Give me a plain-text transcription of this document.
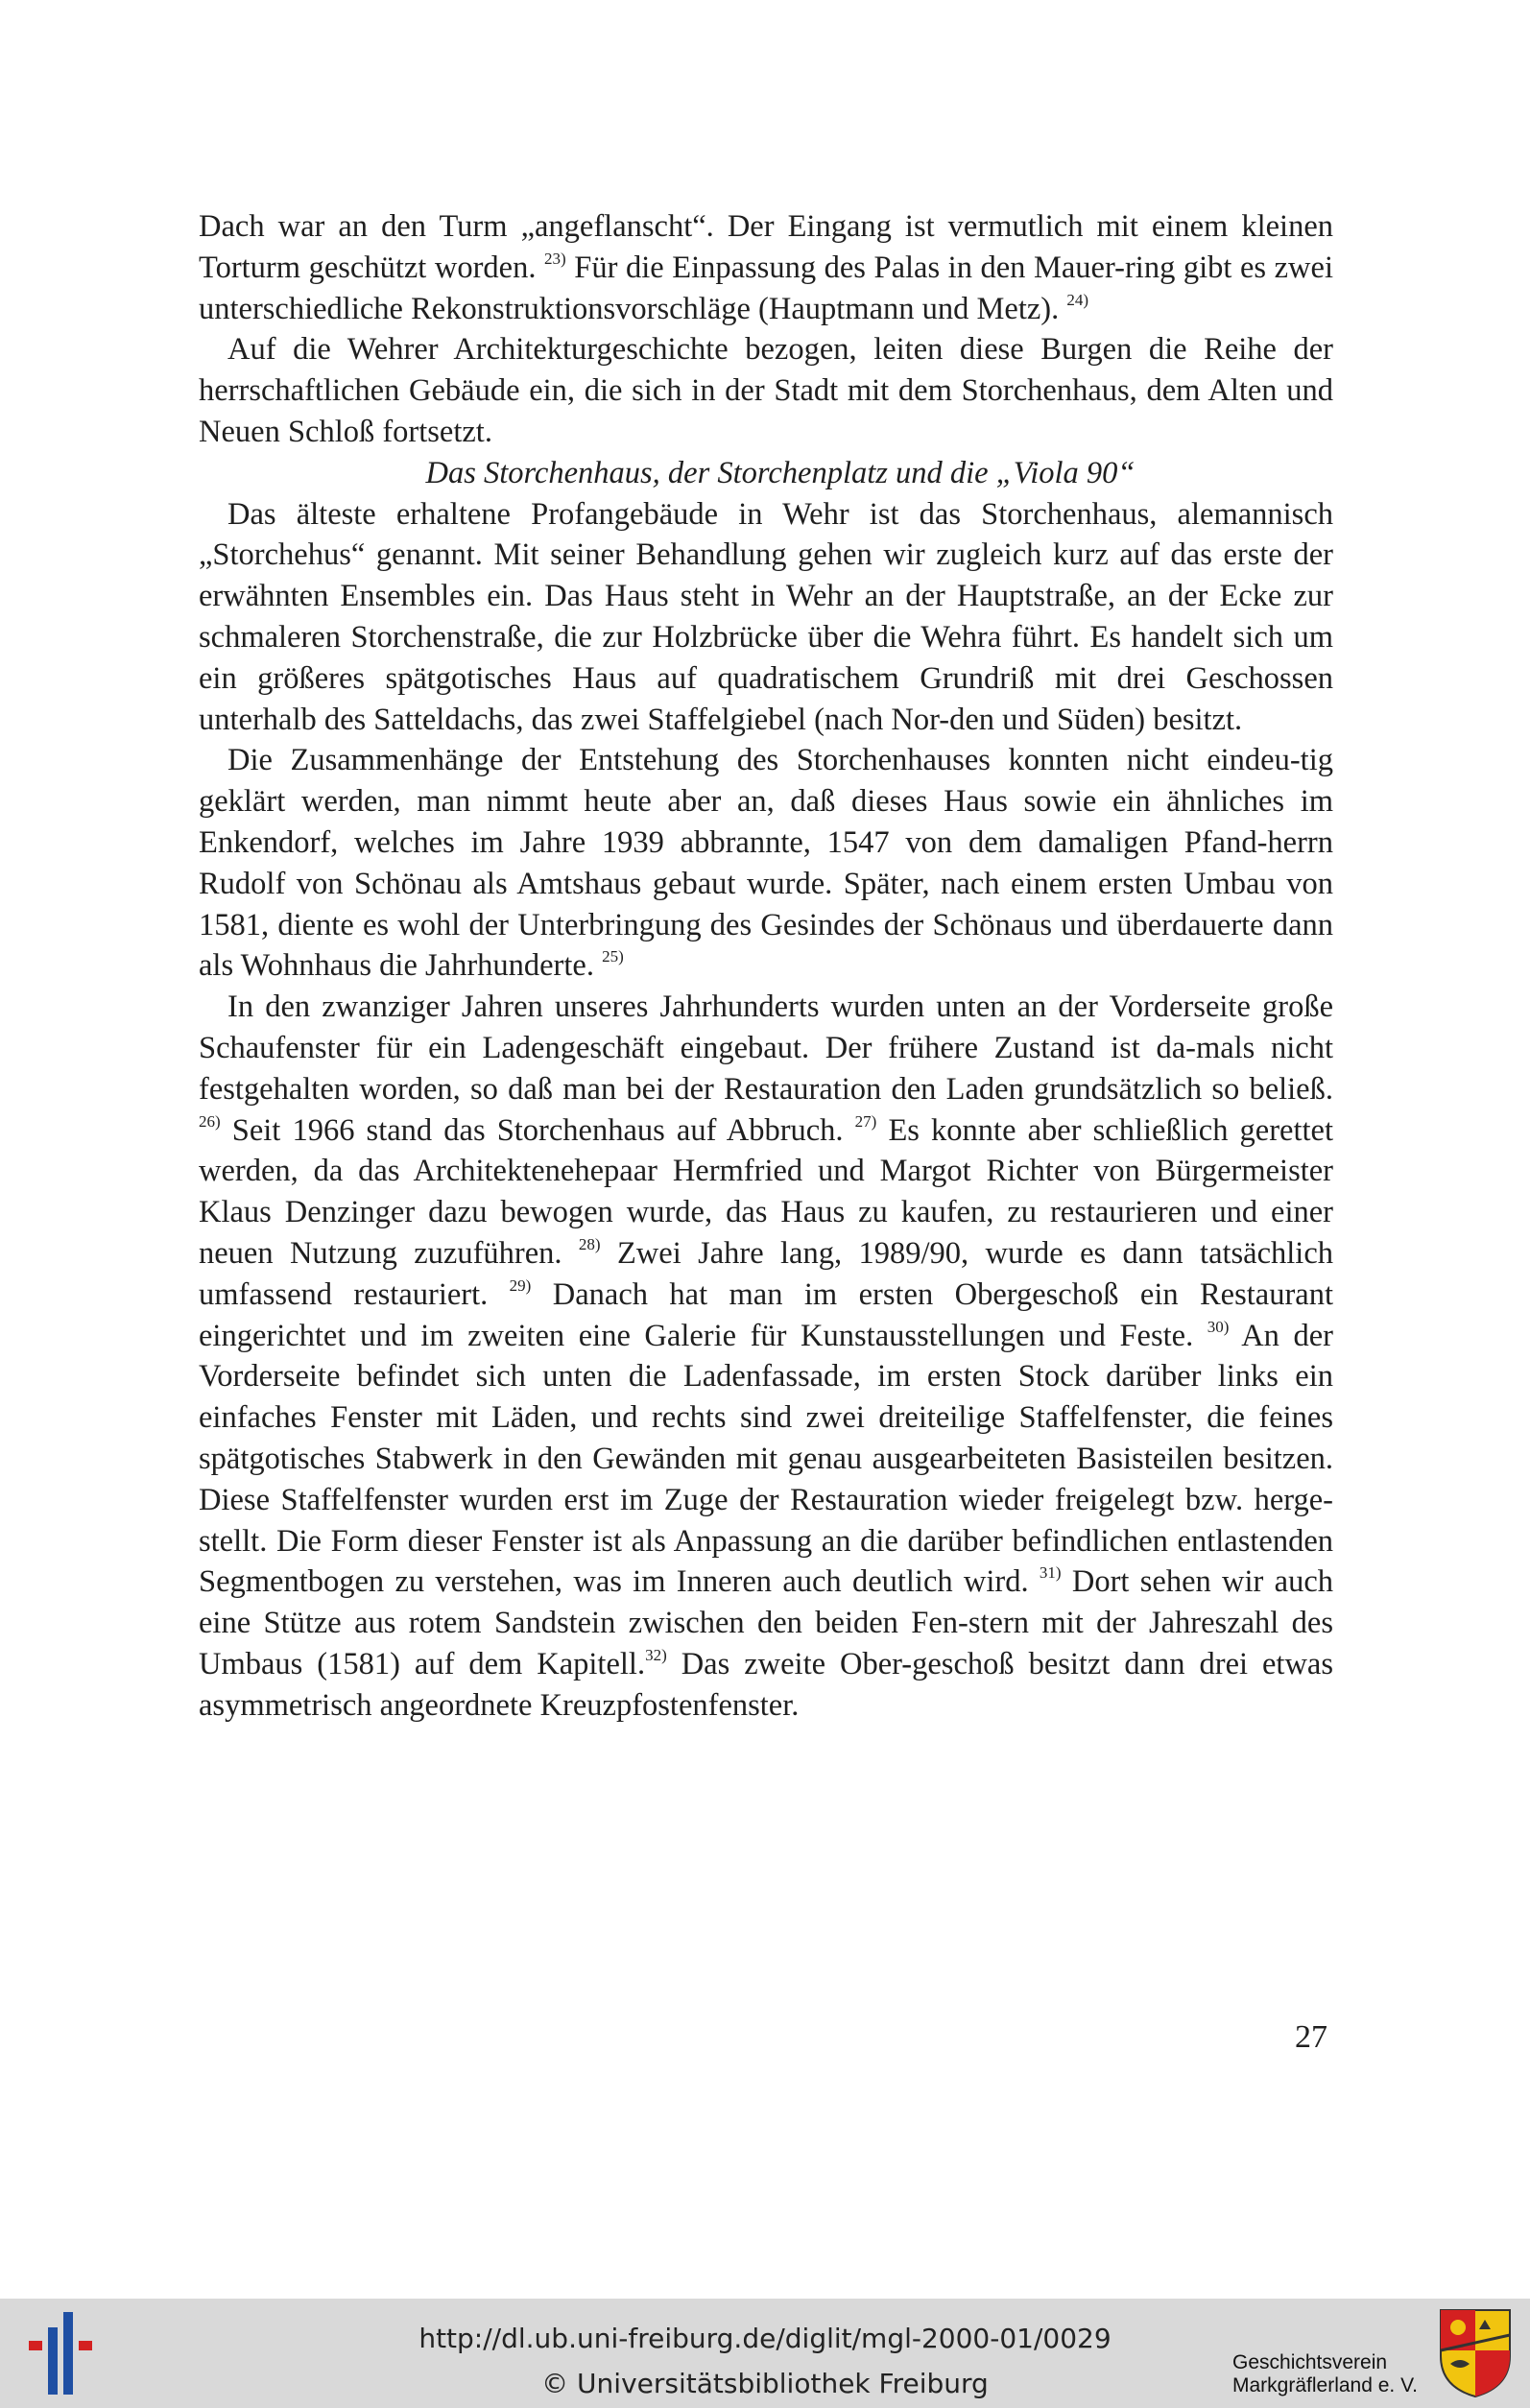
Dach war an den Turm „angeflanscht“. Der Eingang ist vermutlich mit einem kleinen Torturm geschützt worden. $^{23)}$ Für die Einpassung des Palas in den Mauer-ring gibt es zwei unterschiedliche Rekonstruktionsvorschläge (Hauptmann und Metz). $^{24)}$

Auf die Wehrer Architekturgeschichte bezogen, leiten diese Burgen die Reihe der herrschaftlichen Gebäude ein, die sich in der Stadt mit dem Storchenhaus, dem Alten und Neuen Schloß fortsetzt.

Das Storchenhaus, der Storchenplatz und die „Viola 90“

Das älteste erhaltene Profangebäude in Wehr ist das Storchenhaus, alemannisch „Storchehus“ genannt. Mit seiner Behandlung gehen wir zugleich kurz auf das erste der erwähnten Ensembles ein. Das Haus steht in Wehr an der Hauptstraße, an der Ecke zur schmaleren Storchenstraße, die zur Holzbrücke über die Wehra führt. Es handelt sich um ein größeres spätgotisches Haus auf quadratischem Grundriß mit drei Geschossen unterhalb des Satteldachs, das zwei Staffelgiebel (nach Nor-den und Süden) besitzt.

Die Zusammenhänge der Entstehung des Storchenhauses konnten nicht eindeu-tig geklärt werden, man nimmt heute aber an, daß dieses Haus sowie ein ähnliches im Enkendorf, welches im Jahre 1939 abbrannte, 1547 von dem damaligen Pfand-herrn Rudolf von Schönau als Amtshaus gebaut wurde. Später, nach einem ersten Umbau von 1581, diente es wohl der Unterbringung des Gesindes der Schönaus und überdauerte dann als Wohnhaus die Jahrhunderte. $^{25)}$

In den zwanziger Jahren unseres Jahrhunderts wurden unten an der Vorderseite große Schaufenster für ein Ladengeschäft eingebaut. Der frühere Zustand ist da-mals nicht festgehalten worden, so daß man bei der Restauration den Laden grundsätzlich so beließ. $^{26)}$ Seit 1966 stand das Storchenhaus auf Abbruch. $^{27)}$ Es konnte aber schließlich gerettet werden, da das Architektenehepaar Hermfried und Margot Richter von Bürgermeister Klaus Denzinger dazu bewogen wurde, das Haus zu kaufen, zu restaurieren und einer neuen Nutzung zuzuführen. $^{28)}$ Zwei Jahre lang, 1989/90, wurde es dann tatsächlich umfassend restauriert. $^{29)}$ Danach hat man im ersten Obergeschoß ein Restaurant eingerichtet und im zweiten eine Galerie für Kunstausstellungen und Feste. $^{30)}$ An der Vorderseite befindet sich unten die Ladenfassade, im ersten Stock darüber links ein einfaches Fenster mit Läden, und rechts sind zwei dreiteilige Staffelfenster, die feines spätgotisches Stabwerk in den Gewänden mit genau ausgearbeiteten Basisteilen besitzen. Diese Staffelfenster wurden erst im Zuge der Restauration wieder freigelegt bzw. herge-stellt. Die Form dieser Fenster ist als Anpassung an die darüber befindlichen entlastenden Segmentbogen zu verstehen, was im Inneren auch deutlich wird. $^{31)}$ Dort sehen wir auch eine Stütze aus rotem Sandstein zwischen den beiden Fen-stern mit der Jahreszahl des Umbaus (1581) auf dem Kapitell.$^{32)}$ Das zweite Ober-geschoß besitzt dann drei etwas asymmetrisch angeordnete Kreuzpfostenfenster.

27
http://dl.ub.uni-freiburg.de/diglit/mgl-2000-01/0029
© Universitätsbibliothek Freiburg
Geschichtsverein
Markgräflerland e. V.
